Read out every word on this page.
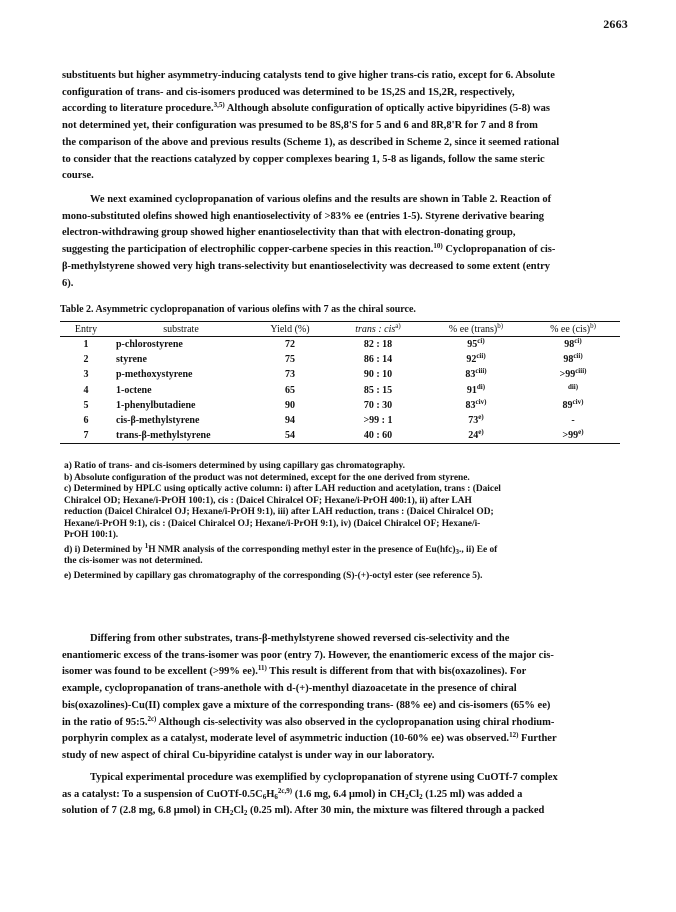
2663

substituents but higher asymmetry-inducing catalysts tend to give higher trans-cis ratio, except for 6. Absolute

configuration of trans- and cis-isomers produced was determined to be 1S,2S and 1S,2R, respectively,

according to literature procedure.$^{3,5)}$ Although absolute configuration of optically active bipyridines (5-8) was

not determined yet, their configuration was presumed to be 8S,8'S for 5 and 6 and 8R,8'R for 7 and 8 from

the comparison of the above and previous results (Scheme 1), as described in Scheme 2, since it seemed rational

to consider that the reactions catalyzed by copper complexes bearing 1, 5-8 as ligands, follow the same steric

course.

We next examined cyclopropanation of various olefins and the results are shown in Table 2. Reaction of

mono-substituted olefins showed high enantioselectivity of >83% ee (entries 1-5). Styrene derivative bearing

electron-withdrawing group showed higher enantioselectivity than that with electron-donating group,

suggesting the participation of electrophilic copper-carbene species in this reaction.$^{10)}$ Cyclopropanation of cis-

β-methylstyrene showed very high trans-selectivity but enantioselectivity was decreased to some extent (entry

6).

Table 2. Asymmetric cyclopropanation of various olefins with 7 as the chiral source.
Entry	substrate	Yield (%)	trans : cis$^{a)}$	% ee (trans)$^{b)}$	% ee (cis)$^{b)}$
1	p-chlorostyrene	72	82 : 18	$95^{ci)}$	$98^{ci)}$
2	styrene	75	86 : 14	$92^{cii)}$	$98^{cii)}$
3	p-methoxystyrene	73	90 : 10	$83^{ciii)}$	$>99^{ciii)}$
4	1-octene	65	85 : 15	$91^{di)}$	$^{dii)}$
5	1-phenylbutadiene	90	70 : 30	$83^{civ)}$	$89^{civ)}$
6	cis-β-methylstyrene	94	>99 : 1	73$^{e)}$	-
7	trans-β-methylstyrene	54	40 : 60	$24^{e)}$	$>99^{e)}$
a) Ratio of trans- and cis-isomers determined by using capillary gas chromatography.
b) Absolute configuration of the product was not determined, except for the one derived from styrene.
c) Determined by HPLC using optically active column: i) after LAH reduction and acetylation, trans : (Daicel
Chiralcel OD; Hexane/i-PrOH 100:1), cis : (Daicel Chiralcel OF; Hexane/i-PrOH 400:1), ii) after LAH
reduction (Daicel Chiralcel OJ; Hexane/i-PrOH 9:1), iii) after LAH reduction, trans : (Daicel Chiralcel OD;
Hexane/i-PrOH 9:1), cis : (Daicel Chiralcel OJ; Hexane/i-PrOH 9:1), iv) (Daicel Chiralcel OF; Hexane/i-
PrOH 100:1).
d) i) Determined by $^1$H NMR analysis of the corresponding methyl ester in the presence of $Eu(hfc)_3$., ii) Ee of
the cis-isomer was not determined.
e) Determined by capillary gas chromatography of the corresponding (S)-(+)-octyl ester (see reference 5).

Differing from other substrates, trans-β-methylstyrene showed reversed cis-selectivity and the

enantiomeric excess of the trans-isomer was poor (entry 7). However, the enantiomeric excess of the major cis-

isomer was found to be excellent (>99% ee).$^{11)}$ This result is different from that with bis(oxazolines). For

example, cyclopropanation of trans-anethole with d-(+)-menthyl diazoacetate in the presence of chiral

bis(oxazolines)-Cu(II) complex gave a mixture of the corresponding trans- (88% ee) and cis-isomers (65% ee)

in the ratio of 95:5.$^{2c)}$ Although cis-selectivity was also observed in the cyclopropanation using chiral rhodium-

porphyrin complex as a catalyst, moderate level of asymmetric induction (10-60% ee) was observed.$^{12)}$ Further

study of new aspect of chiral Cu-bipyridine catalyst is under way in our laboratory.

Typical experimental procedure was exemplified by cyclopropanation of styrene using CuOTf-7 complex

as a catalyst: To a suspension of CuOTf-$0.5C_6H_6^{2c,9)}$ (1.6 mg, 6.4 μmol) in $CH_2Cl_2$ (1.25 ml) was added a

solution of 7 (2.8 mg, 6.8 μmol) in $CH_2Cl_2$ (0.25 ml). After 30 min, the mixture was filtered through a packed
